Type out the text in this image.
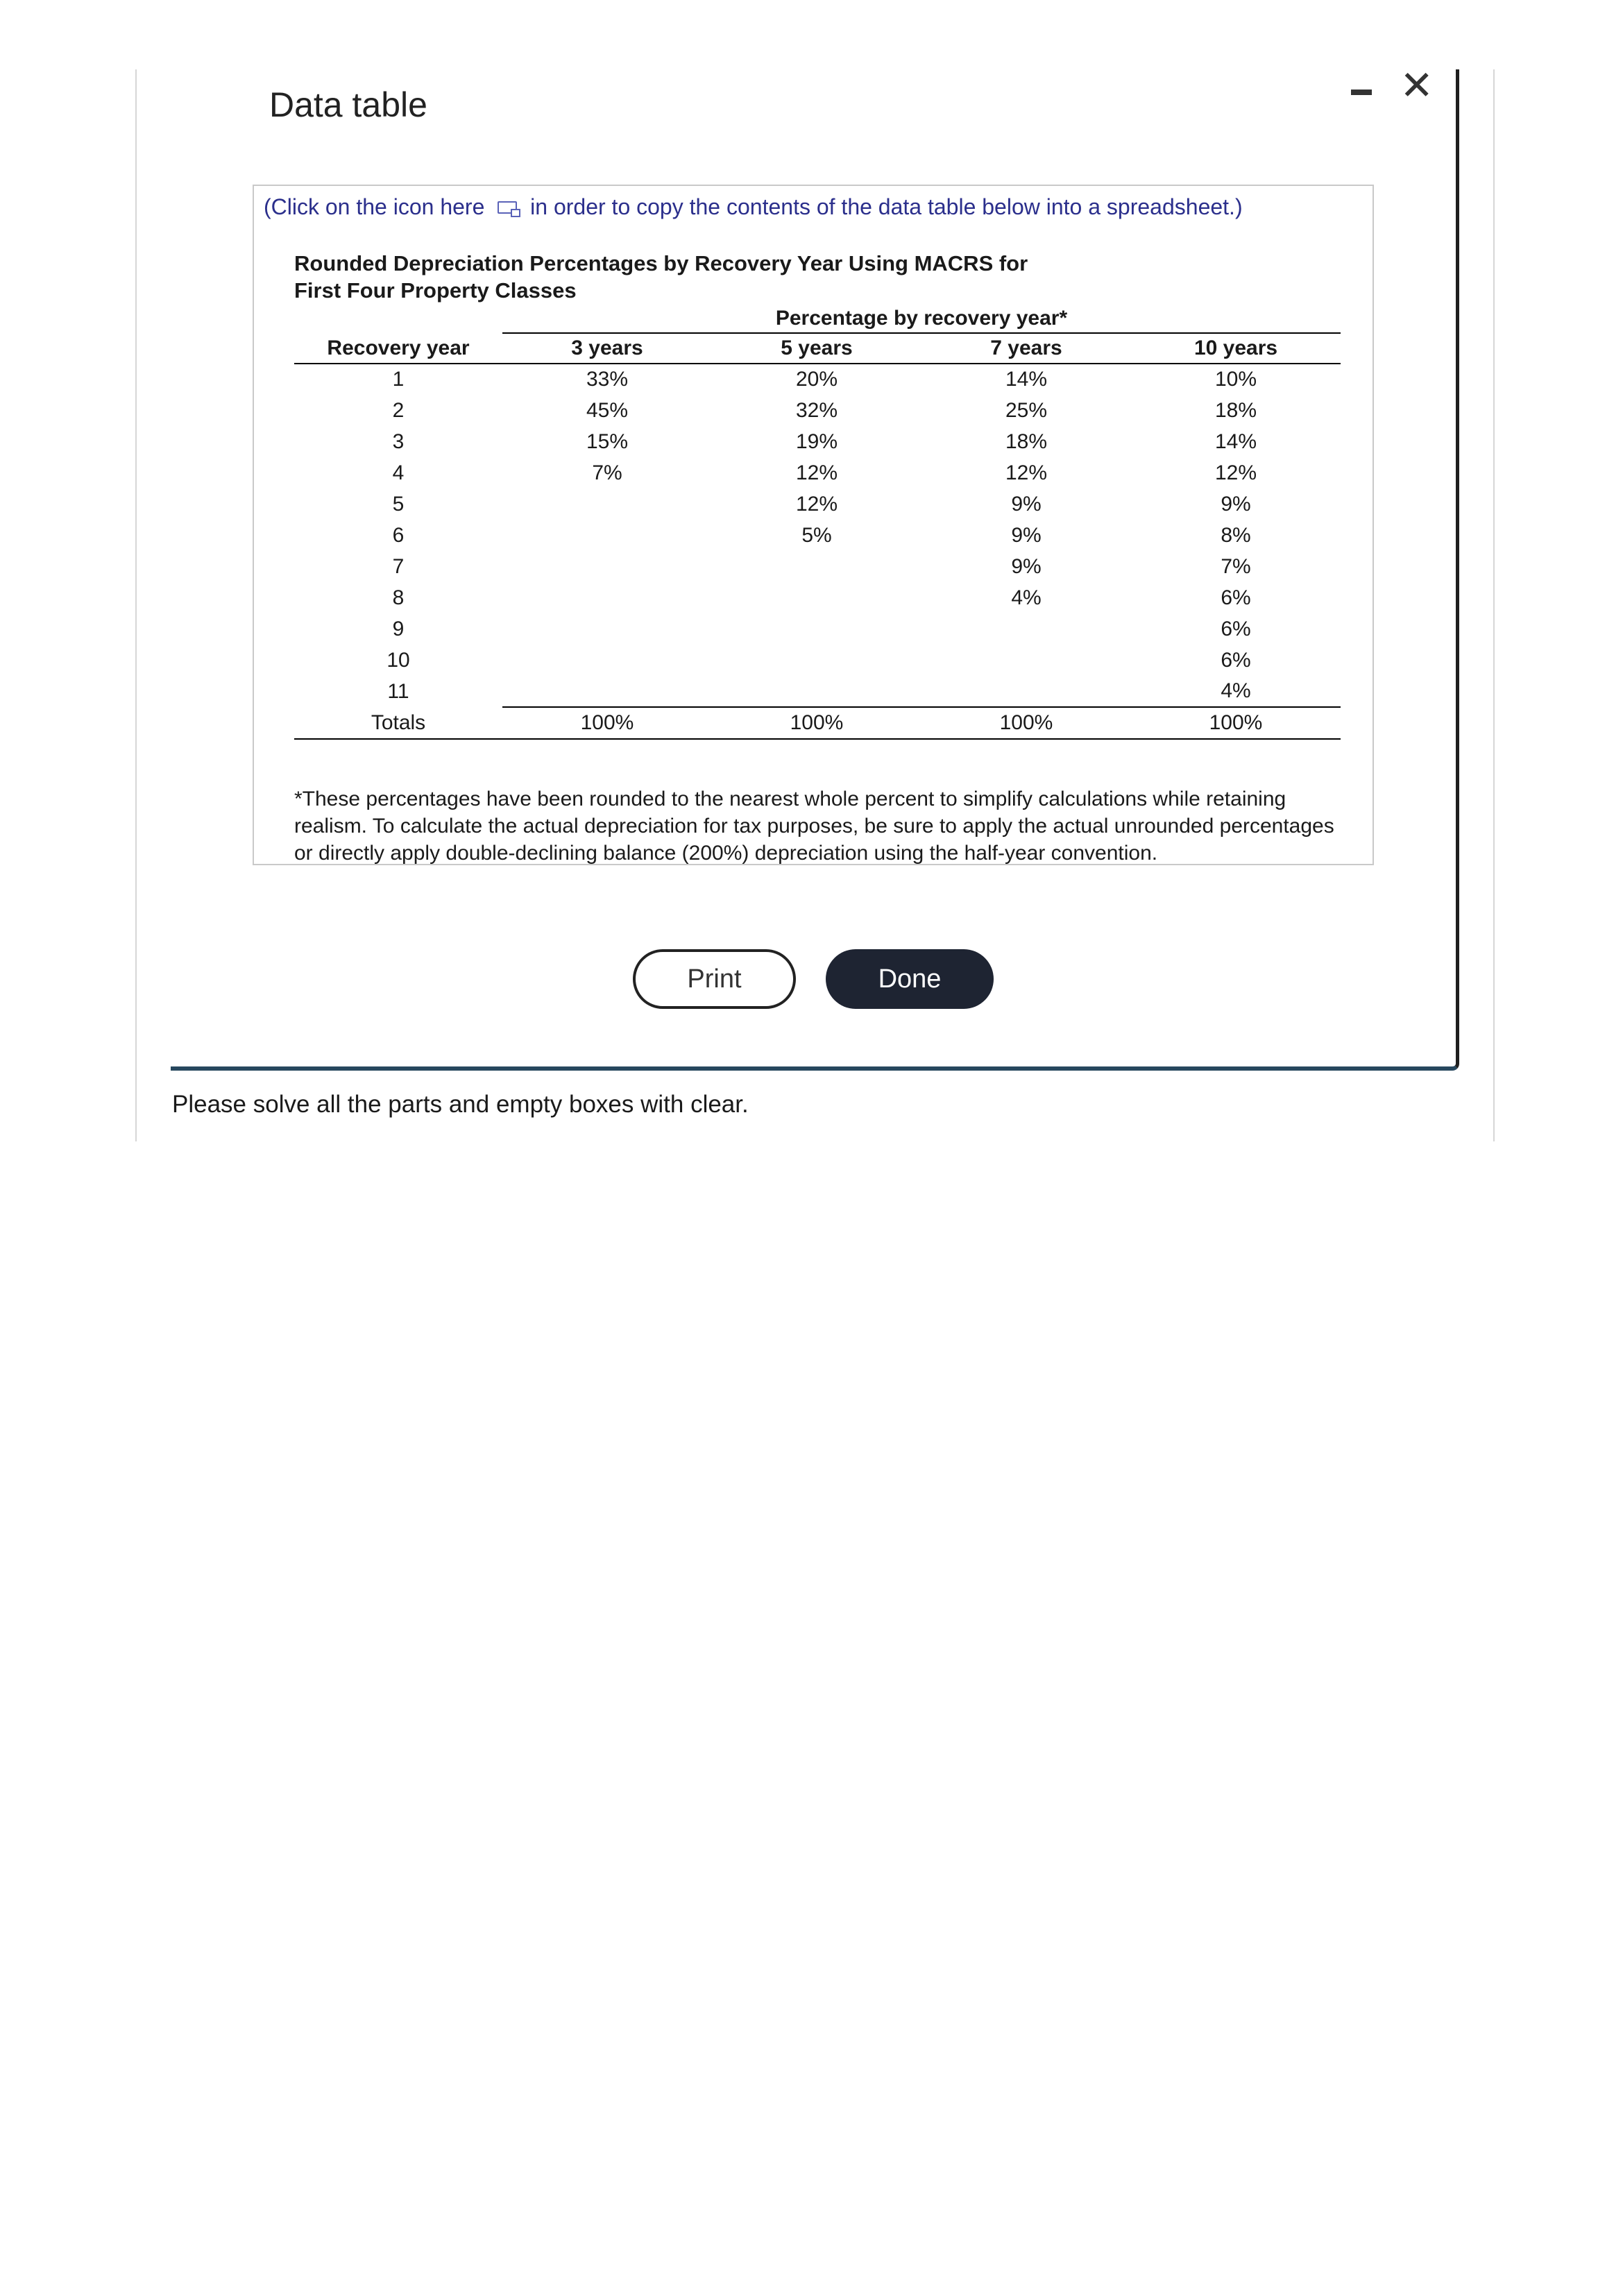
Data table	✕
(Click on the icon here in order to copy the contents of the data table below into a spreadsheet.)
Rounded Depreciation Percentages by Recovery Year Using MACRS for
First Four Property Classes
	Percentage by recovery year*			
Recovery year	3 years	5 years	7 years	10 years
1	33%	20%	14%	10%
2	45%	32%	25%	18%
3	15%	19%	18%	14%
4	7%	12%	12%	12%
5		12%	9%	9%
6		5%	9%	8%
7			9%	7%
8			4%	6%
9				6%
10				6%
11				4%
Totals	100%	100%	100%	100%
*These percentages have been rounded to the nearest whole percent to simplify calculations while retaining realism. To calculate the actual depreciation for tax purposes, be sure to apply the actual unrounded percentages or directly apply double-declining balance (200%) depreciation using the half-year convention.
Print	Done
Please solve all the parts and empty boxes with clear.
